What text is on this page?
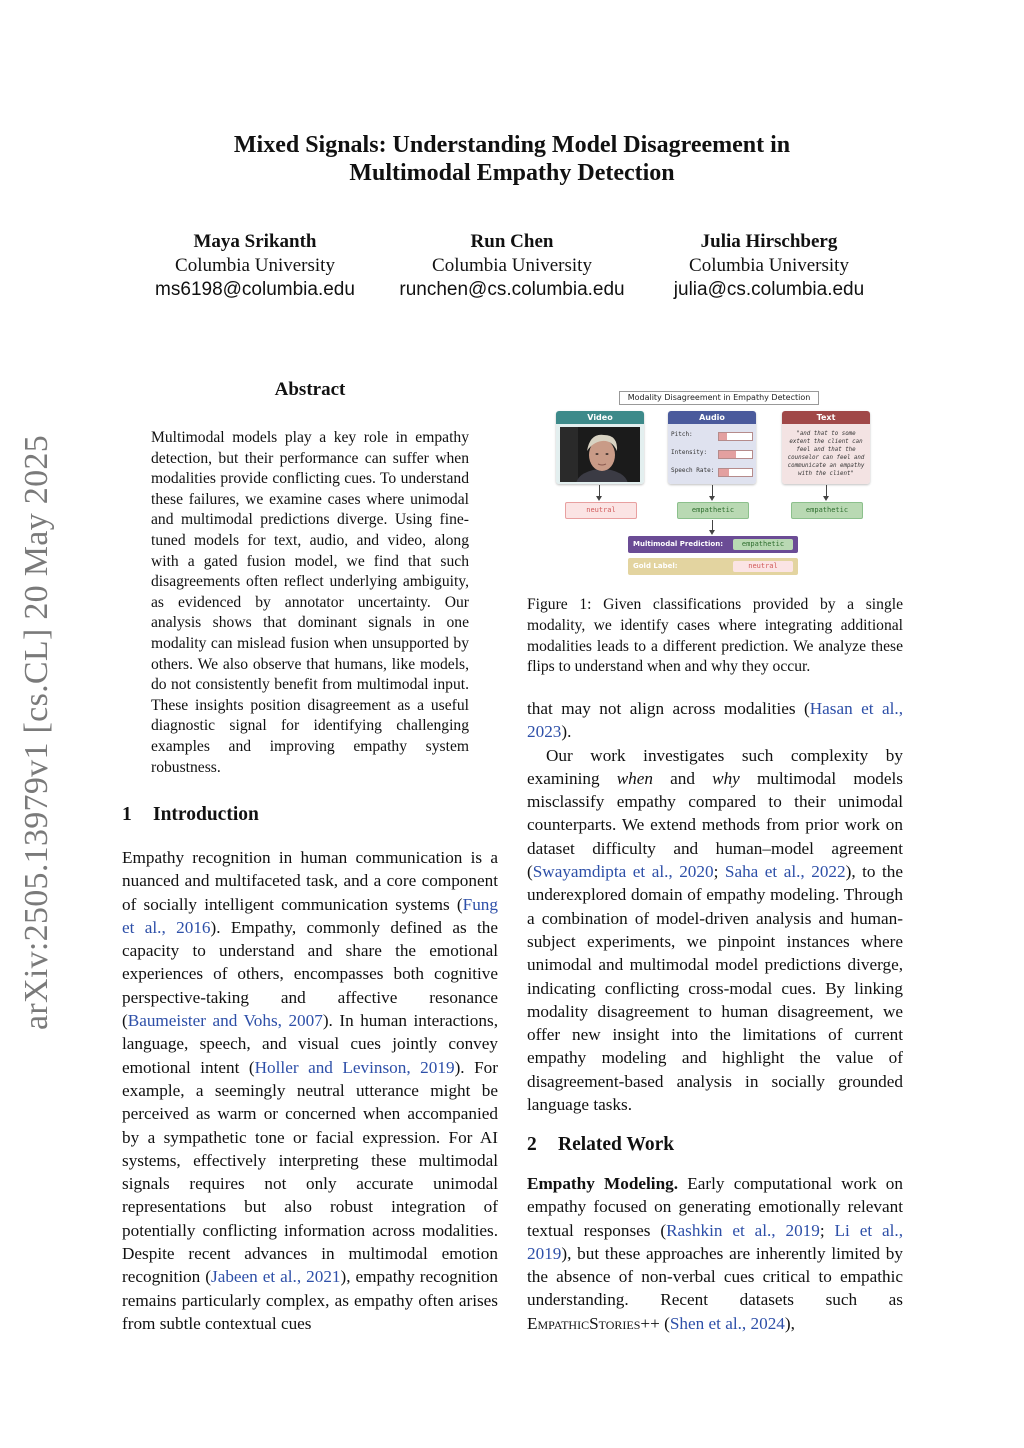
arXiv:2505.13979v1 [cs.CL] 20 May 2025
Mixed Signals: Understanding Model Disagreement in
Multimodal Empathy Detection
Maya Srikanth
Columbia University
ms6198@columbia.edu
Run Chen
Columbia University
runchen@cs.columbia.edu
Julia Hirschberg
Columbia University
julia@cs.columbia.edu
Abstract
Multimodal models play a key role in empathy detection, but their performance can suffer when modalities provide conflicting cues. To understand these failures, we examine cases where unimodal and multimodal predictions diverge. Using fine-tuned models for text, audio, and video, along with a gated fusion model, we find that such disagreements often reflect underlying ambiguity, as evidenced by annotator uncertainty. Our analysis shows that dominant signals in one modality can mislead fusion when unsupported by others. We also observe that humans, like models, do not consistently benefit from multimodal input. These insights position disagreement as a useful diagnostic signal for identifying challenging examples and improving empathy system robustness.
1 Introduction

Empathy recognition in human communication is a nuanced and multifaceted task, and a core component of socially intelligent communication systems (Fung et al., 2016). Empathy, commonly defined as the capacity to understand and share the emotional experiences of others, encompasses both cognitive perspective-taking and affective resonance (Baumeister and Vohs, 2007). In human interactions, language, speech, and visual cues jointly convey emotional intent (Holler and Levinson, 2019). For example, a seemingly neutral utterance might be perceived as warm or concerned when accompanied by a sympathetic tone or facial expression. For AI systems, effectively interpreting these multimodal signals requires not only accurate unimodal representations but also robust integration of potentially conflicting information across modalities. Despite recent advances in multimodal emotion recognition (Jabeen et al., 2021), empathy recognition remains particularly complex, as empathy often arises from subtle contextual cues

Modality Disagreement in Empathy Detection
Video	Audio
Pitch:
Intensity:
Speech Rate:
Text
"and that to some extent the client can feel and that the counselor can feel and communicate an empathy with the client"
neutral	empathetic	empathetic
Multimodal Prediction:	empathetic
Gold Label:	neutral
Figure 1: Given classifications provided by a single modality, we identify cases where integrating additional modalities leads to a different prediction. We analyze these flips to understand when and why they occur.

that may not align across modalities (Hasan et al., 2023).

Our work investigates such complexity by examining when and why multimodal models misclassify empathy compared to their unimodal counterparts. We extend methods from prior work on dataset difficulty and human–model agreement (Swayamdipta et al., 2020; Saha et al., 2022), to the underexplored domain of empathy modeling. Through a combination of model-driven analysis and human-subject experiments, we pinpoint instances where unimodal and multimodal model predictions diverge, indicating conflicting cross-modal cues. By linking modality disagreement to human disagreement, we offer new insight into the limitations of current empathy modeling and highlight the value of disagreement-based analysis in socially grounded language tasks.

2 Related Work

Empathy Modeling. Early computational work on empathy focused on generating emotionally relevant textual responses (Rashkin et al., 2019; Li et al., 2019), but these approaches are inherently limited by the absence of non-verbal cues critical to empathic understanding. Recent datasets such as EmpathicStories++ (Shen et al., 2024),
